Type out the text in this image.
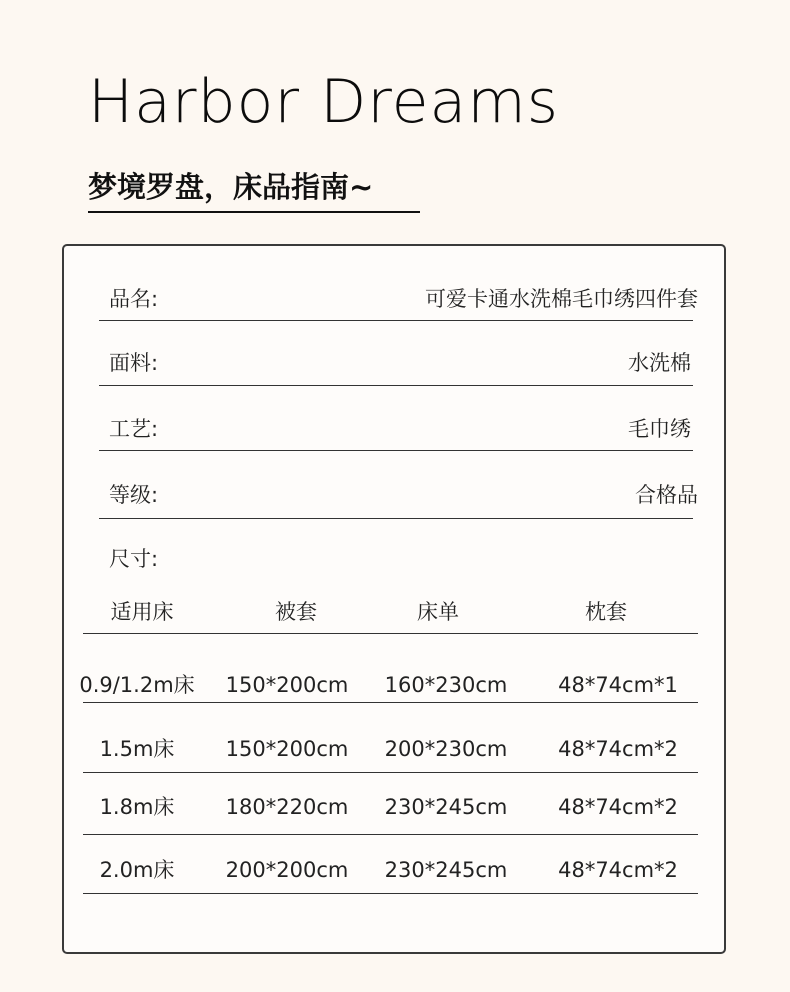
Harbor Dreams
梦境罗盘，床品指南~
品名:	可爱卡通水洗棉毛巾绣四件套
面料:	水洗棉
工艺:	毛巾绣
等级:	合格品
尺寸:
适用床	被套	床单	枕套
0.9/1.2m床	150*200cm	160*230cm	48*74cm*1
1.5m床	150*200cm	200*230cm	48*74cm*2
1.8m床	180*220cm	230*245cm	48*74cm*2
2.0m床	200*200cm	230*245cm	48*74cm*2
